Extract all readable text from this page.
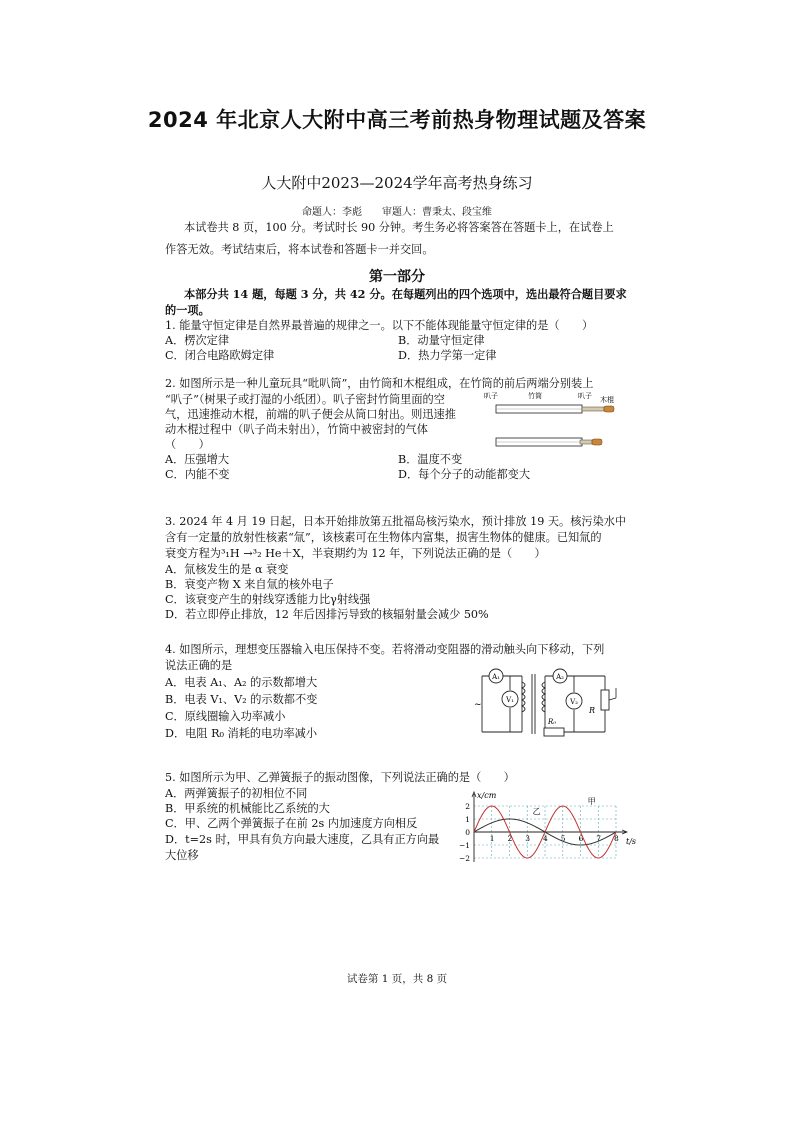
2024 年北京人大附中高三考前热身物理试题及答案
人大附中2023—2024学年高考热身练习
命题人：李彪　　审题人：曹秉太、段宝维
本试卷共 8 页，100 分。考试时长 90 分钟。考生务必将答案答在答题卡上，在试卷上
作答无效。考试结束后，将本试卷和答题卡一并交回。
第一部分
本部分共 14 题，每题 3 分，共 42 分。在每题列出的四个选项中，选出最符合题目要求
的一项。
1. 能量守恒定律是自然界最普遍的规律之一。以下不能体现能量守恒定律的是（　　）
A．楞次定律	B．动量守恒定律
C．闭合电路欧姆定律	D．热力学第一定律
2. 如图所示是一种儿童玩具“吡叭筒”，由竹筒和木棍组成，在竹筒的前后两端分别装上
“叭子”（树果子或打湿的小纸团）。叭子密封竹筒里面的空
气，迅速推动木棍，前端的叭子便会从筒口射出。则迅速推
动木棍过程中（叭子尚未射出），竹筒中被密封的气体
（　　）
A．压强增大	B．温度不变
C．内能不变	D．每个分子的动能都变大
叭子	竹筒	叭子 木棍
3. 2024 年 4 月 19 日起，日本开始排放第五批福岛核污染水，预计排放 19 天。核污染水中
含有一定量的放射性核素“氚”，该核素可在生物体内富集，损害生物体的健康。已知氚的
衰变方程为³₁H →³₂ He＋X，半衰期约为 12 年，下列说法正确的是（　　）
A．氚核发生的是 α 衰变
B．衰变产物 X 来自氚的核外电子
C．该衰变产生的射线穿透能力比γ射线强
D．若立即停止排放，12 年后因排污导致的核辐射量会减少 50%
4. 如图所示，理想变压器输入电压保持不变。若将滑动变阻器的滑动触头向下移动，下列
说法正确的是
A．电表 A₁、A₂ 的示数都增大
B．电表 V₁、V₂ 的示数都不变
C．原线圈输入功率减小
D．电阻 R₀ 消耗的电功率减小
A₁
V₁
~
A₂
V₂
R
R₀
5. 如图所示为甲、乙弹簧振子的振动图像，下列说法正确的是（　　）
A．两弹簧振子的初相位不同
B．甲系统的机械能比乙系统的大
C．甲、乙两个弹簧振子在前 2s 内加速度方向相反
D．t=2s 时，甲具有负方向最大速度，乙具有正方向最
大位移
2
1
0
−1
−2
1 2 3 4 5 6 7 8
x/cm
t/s
甲
乙
试卷第 1 页，共 8 页
